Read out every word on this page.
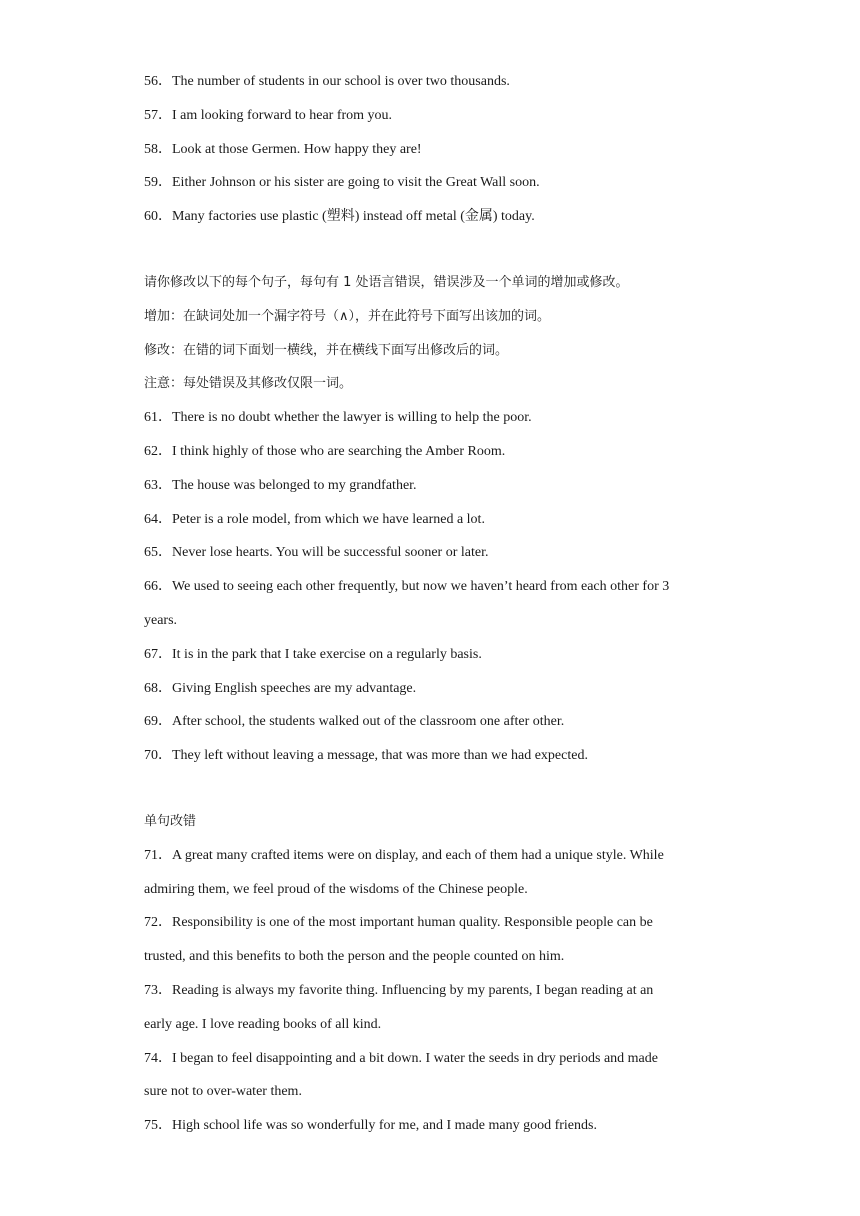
56．The number of students in our school is over two thousands.
57．I am looking forward to hear from you.
58．Look at those Germen. How happy they are!
59．Either Johnson or his sister are going to visit the Great Wall soon.
60．Many factories use plastic (塑料) instead off metal (金属) today.
请你修改以下的每个句子，每句有 1 处语言错误，错误涉及一个单词的增加或修改。
增加：在缺词处加一个漏字符号（∧），并在此符号下面写出该加的词。
修改：在错的词下面划一横线，并在横线下面写出修改后的词。
注意：每处错误及其修改仅限一词。
61．There is no doubt whether the lawyer is willing to help the poor.
62．I think highly of those who are searching the Amber Room.
63．The house was belonged to my grandfather.
64．Peter is a role model, from which we have learned a lot.
65．Never lose hearts. You will be successful sooner or later.
66．We used to seeing each other frequently, but now we haven’t heard from each other for 3
years.
67．It is in the park that I take exercise on a regularly basis.
68．Giving English speeches are my advantage.
69．After school, the students walked out of the classroom one after other.
70．They left without leaving a message, that was more than we had expected.
单句改错
71．A great many crafted items were on display, and each of them had a unique style. While
admiring them, we feel proud of the wisdoms of the Chinese people.
72．Responsibility is one of the most important human quality. Responsible people can be
trusted, and this benefits to both the person and the people counted on him.
73．Reading is always my favorite thing. Influencing by my parents, I began reading at an
early age. I love reading books of all kind.
74．I began to feel disappointing and a bit down. I water the seeds in dry periods and made
sure not to over-water them.
75．High school life was so wonderfully for me, and I made many good friends.
